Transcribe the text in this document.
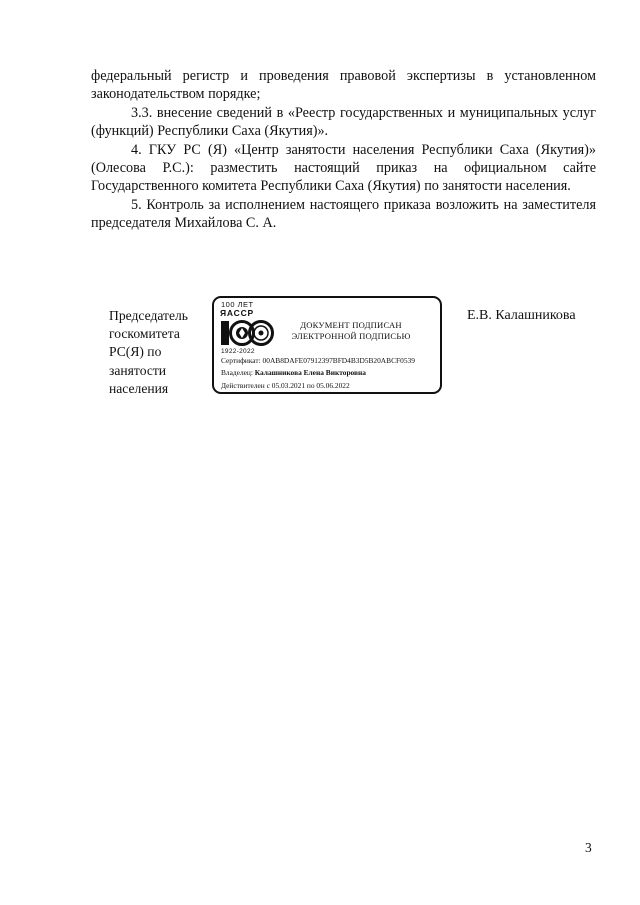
федеральный регистр и проведения правовой экспертизы в установленном законодательством порядке;

3.3. внесение сведений в «Реестр государственных и муниципальных услуг (функций) Республики Саха (Якутия)».

4. ГКУ РС (Я) «Центр занятости населения Республики Саха (Якутия)» (Олесова Р.С.): разместить настоящий приказ на официальном сайте Государственного комитета Республики Саха (Якутия) по занятости населения.

5. Контроль за исполнением настоящего приказа возложить на заместителя председателя Михайлова С. А.

Председатель
госкомитета
РС(Я) по
занятости
населения
100 ЛЕТ
ЯАССР
1922-2022
ДОКУМЕНТ ПОДПИСАН
ЭЛЕКТРОННОЙ ПОДПИСЬЮ
Сертификат: 00AB8DAFE07912397BFD4B3D5B20ABCF0539
Владелец: Калашникова Елена Викторовна
Действителен с 05.03.2021 по 05.06.2022
Е.В. Калашникова
3
